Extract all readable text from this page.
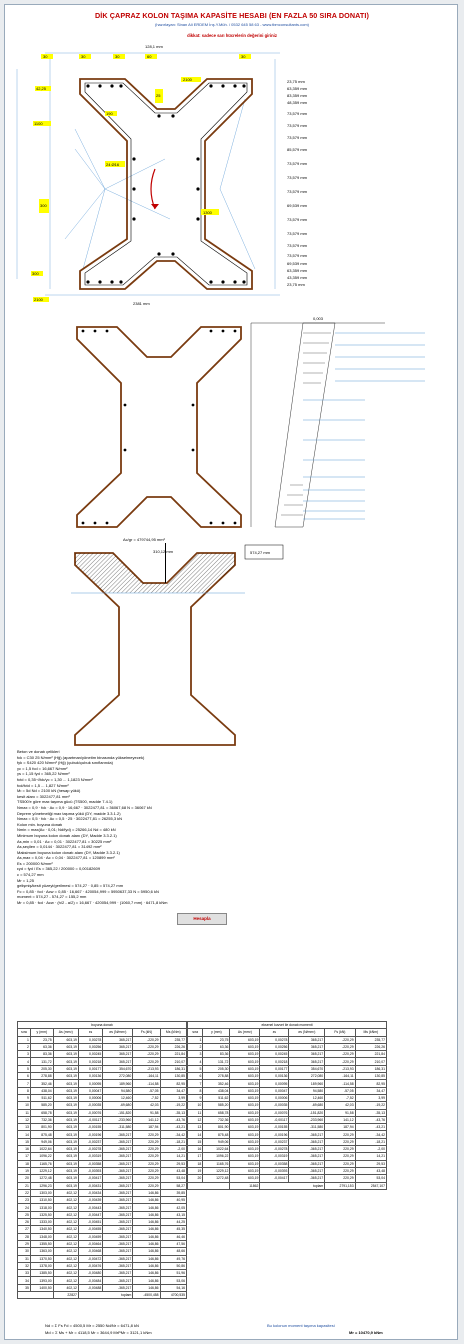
DİK ÇAPRAZ KOLON TAŞIMA KAPASİTE HESABI (EN FAZLA 50 SIRA DONATI)
(hazırlayan: Sinan Ali ERDEM İnş.Y.Müh. / 0532 645 58 63 - www.tbmconsultants.com)
dikkat: sadece sarı hücrelerin değerini giriniz
128,1 mm
2381 mm
30
42,25
30	30	60
2100
25
1100
30
300
24 Ø16
1300
190
300
2100
23,75 mm
63,359 mm
83,359 mm
48,359 mm
73,579 mm
73,579 mm
73,579 mm
85,579 mm
73,579 mm
73,579 mm
73,579 mm
69,539 mm
73,579 mm
73,579 mm
73,579 mm
73,579 mm
69,539 mm
63,359 mm
43,359 mm
23,75 mm
Ac/gr = 479744,95 mm²
0,003
310,12 mm	574,27 mm
Beton ve donatı çelikleri
fck = C30 25 N/mm² (Hğ) (apartman/yönetim binasında yükselmeyecek)
fyk = S420 420 N/mm² (Hğ) (çubuk/çubuk sınıflarında)
γc = 1,5 fcd = 16,667 N/mm²
γs = 1,15 fyd = 365,22 N/mm²
fctd = 0,35·√fck/γc = 1,30 ... 1,1823 N/mm²
fcd/fctd = 1,5 ... 1,827 N/mm²
Mı = 5d Nd = 2100 kN (hesap yükü)
kesit alanı = 3022477,81 mm²
TS500'e göre max taşıma gücü (TS500, madde 7.4.1)
Nmax = 0,9 · fck · Ac = 0,9 · 16,667 · 3022477,81 = 36067,68 N = 36067 kN
Deprem yönetmeliği max taşıma yükü (DY, madde 3.3.1.2)
Nmax = 0,5 · fck · Ac = 0,5 · 25 · 3022477,81 = 26255,3 kN
Kolon min. boyuna donatı
Nmin = max(Ac · 0,01; Nd/fyd) = 25266,14 Nd = 480 kN
Minimum boyuna kolon donatı alanı (DY, Madde 3.3.2.1)
As,min = 0,01 · Ac = 0,01 · 3022477,81 = 30225 mm²
As,seçilen = 0,0144 · 3022477,81 = 31492 mm²
Maksimum boyuna kolon donatı alanı (DY, Madde 3.3.2.1)
As,max = 0,04 · Ac = 0,04 · 3022477,81 = 120899 mm²
Es = 200000 N/mm²
εyd = fyd / Es = 365,22 / 200000 = 0,00182609
c = 574,27 mm
Mr = 1,25
gelişmiş/kesit yüzeyi/gerilmesi = 574,27 · 0,85 = 574,27 mm
Fc = 0,85 · fcd · Acw = 0,85 · 16,667 · 420054,999 = 5950637,33 N = 5950,6 kN
moment = 574,27 - 574,27 = 155,2 mm
Mr = 0,85 · fcd · Acw · (h/2 - a/2) = 16,667 · 420054,999 · (1060,7 mm) · 6471,8 kNm
Hesapla
boyuna donatı						
sıra	y (mm)	As (mm²)	εs	σs (N/mm²)	Fs (kN)	Ms (kNm)
1	23,75	603,19	0,00278	365,217	-220,29	235,77
2	63,36	603,19	0,00256	365,217	-220,29	226,26
3	83,36	603,19	0,00245	365,217	-220,29	221,84
4	131,72	603,19	0,00218	365,217	-220,29	210,07
5	205,30	603,19	0,00177	354,670	-213,93	186,31
6	278,88	603,19	0,00136	272,080	-164,11	130,85
7	352,46	603,19	0,00095	189,960	-114,58	82,95
8	438,04	603,19	0,00047	94,580	-57,05	34,47
9	511,62	603,19	0,00006	12,460	-7,52	3,99
10	585,20	603,19	-0,00035	-69,680	42,03	-19,22
11	658,78	603,19	-0,00076	-151,820	91,58	-35,13
12	732,36	603,19	-0,00117	-233,960	141,12	-43,76
13	801,90	603,19	-0,00155	-311,580	187,94	-43,21
14	875,48	603,19	-0,00196	-365,217	220,29	-34,42
15	949,06	603,19	-0,00237	-365,217	220,29	-18,21
16	1022,64	603,19	-0,00278	-365,217	220,29	-2,00
17	1096,22	603,19	-0,00319	-365,217	220,29	14,21
18	1165,76	603,19	-0,00358	-365,217	220,29	29,53
19	1229,12	603,19	-0,00393	-365,217	220,29	43,48
20	1272,48	603,19	-0,00417	-365,217	220,29	53,04
21	1296,23	603,19	-0,00431	-365,217	220,29	58,27
22	1303,00	402,12	-0,00434	-365,217	146,86	39,85
23	1310,50	402,12	-0,00439	-365,217	146,86	40,95
24	1318,00	402,12	-0,00443	-365,217	146,86	42,05
25	1325,50	402,12	-0,00447	-365,217	146,86	43,15
26	1333,00	402,12	-0,00451	-365,217	146,86	44,25
27	1340,50	402,12	-0,00455	-365,217	146,86	45,35
28	1348,00	402,12	-0,00459	-365,217	146,86	46,46
29	1355,50	402,12	-0,00464	-365,217	146,86	47,56
30	1363,00	402,12	-0,00468	-365,217	146,86	48,66
31	1370,50	402,12	-0,00472	-365,217	146,86	49,76
32	1378,00	402,12	-0,00476	-365,217	146,86	50,86
33	1385,50	402,12	-0,00480	-365,217	146,86	51,96
34	1393,00	402,12	-0,00484	-365,217	146,86	53,06
35	1400,50	402,12	-0,00488	-365,217	146,86	54,16
		22827	toplam		-4500,458	4700,535
eksenel kuvvet ile donatı momenti						
sıra	y (mm)	As (mm²)	εs	σs (N/mm²)	Fs (kN)	Ms (kNm)
1	23,75	603,19	0,00278	365,217	-220,29	235,77
2	63,36	603,19	0,00256	365,217	-220,29	226,26
3	83,36	603,19	0,00245	365,217	-220,29	221,84
4	131,72	603,19	0,00218	365,217	-220,29	210,07
5	205,30	603,19	0,00177	354,670	-213,93	186,31
6	278,88	603,19	0,00136	272,080	-164,11	130,85
7	352,46	603,19	0,00095	189,960	-114,58	82,95
8	438,04	603,19	0,00047	94,580	-57,05	34,47
9	511,62	603,19	0,00006	12,460	-7,52	3,99
10	585,20	603,19	-0,00035	-69,680	42,03	-19,22
11	658,78	603,19	-0,00076	-151,820	91,58	-35,13
12	732,36	603,19	-0,00117	-233,960	141,12	-43,76
13	801,90	603,19	-0,00155	-311,580	187,94	-43,21
14	875,48	603,19	-0,00196	-365,217	220,29	-34,42
15	949,06	603,19	-0,00237	-365,217	220,29	-18,21
16	1022,64	603,19	-0,00278	-365,217	220,29	-2,00
17	1096,22	603,19	-0,00319	-365,217	220,29	14,21
18	1165,76	603,19	-0,00358	-365,217	220,29	29,53
19	1229,12	603,19	-0,00393	-365,217	220,29	43,48
20	1272,48	603,19	-0,00417	-365,217	220,29	53,04
		11862	toplam		2791,153	2547,107
Nd = Σ Fs Fd = 4500,5 Mr = 2550 Nd/Nr = 6471,8 kN
Md = Σ Ms + Mr = 4118,5 Mr = 3644,9 MrPMr = 3121,1 kNm
Bu kolonun moment taşıma kapasitesi
Mr = 10470,9 kNm
